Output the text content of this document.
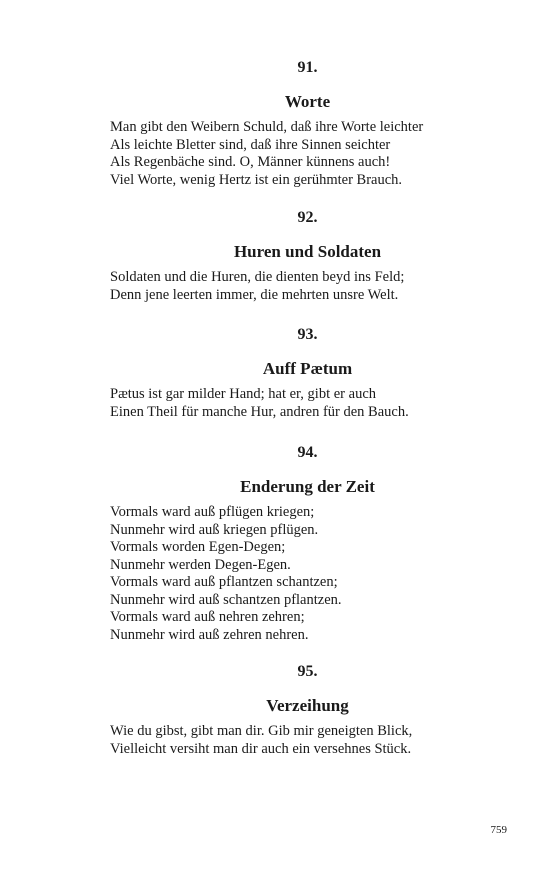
91.
Worte
Man gibt den Weibern Schuld, daß ihre Worte leichter
Als leichte Bletter sind, daß ihre Sinnen seichter
Als Regenbäche sind. O, Männer künnens auch!
Viel Worte, wenig Hertz ist ein gerühmter Brauch.
92.
Huren und Soldaten
Soldaten und die Huren, die dienten beyd ins Feld;
Denn jene leerten immer, die mehrten unsre Welt.
93.
Auff Pætum
Pætus ist gar milder Hand; hat er, gibt er auch
Einen Theil für manche Hur, andren für den Bauch.
94.
Enderung der Zeit
Vormals ward auß pflügen kriegen;
Nunmehr wird auß kriegen pflügen.
Vormals worden Egen-Degen;
Nunmehr werden Degen-Egen.
Vormals ward auß pflantzen schantzen;
Nunmehr wird auß schantzen pflantzen.
Vormals ward auß nehren zehren;
Nunmehr wird auß zehren nehren.
95.
Verzeihung
Wie du gibst, gibt man dir. Gib mir geneigten Blick,
Vielleicht versiht man dir auch ein versehnes Stück.
759
